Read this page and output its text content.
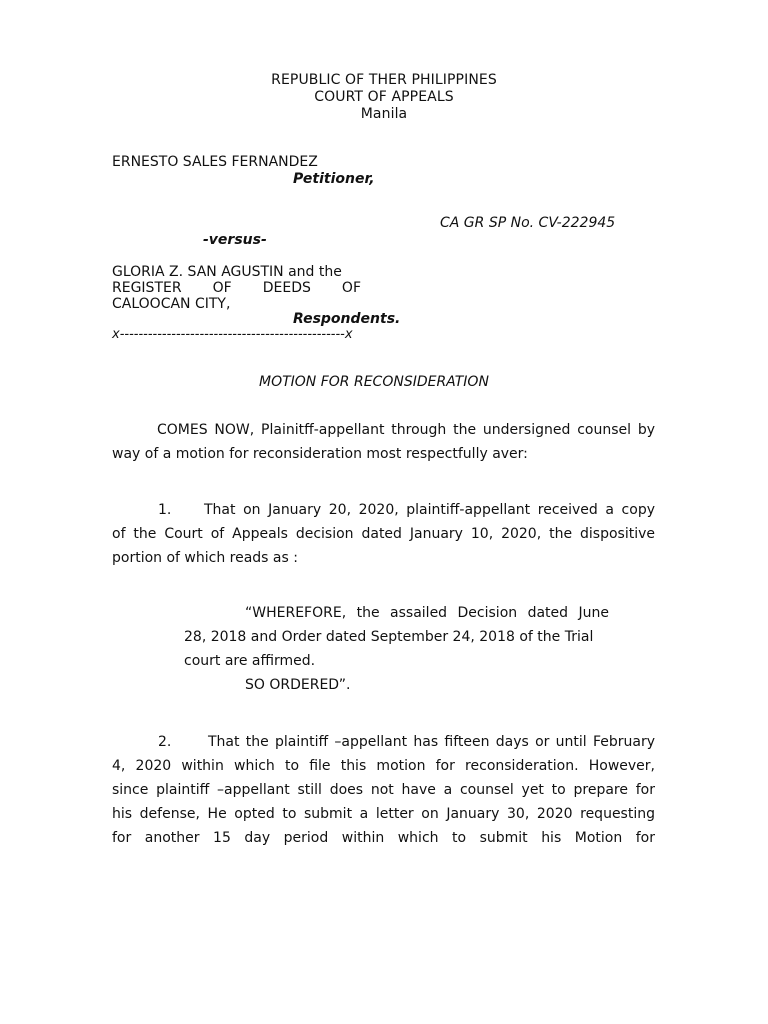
REPUBLIC OF THER PHILIPPINES
COURT OF APPEALS
Manila
ERNESTO SALES FERNANDEZ
Petitioner,
CA GR SP No. CV-222945
-versus-
GLORIA Z. SAN AGUSTIN and the
REGISTER OF DEEDS OF
CALOOCAN CITY,
Respondents.
x------------------------------------------------x
MOTION FOR RECONSIDERATION
COMES NOW, Plainitff-appellant through the undersigned counsel by
way of a motion for reconsideration most respectfully aver:
1. That on January 20, 2020, plaintiff-appellant received a copy
of the Court of Appeals decision dated January 10, 2020, the dispositive
portion of which reads as :
“WHEREFORE, the assailed Decision dated June
28, 2018 and Order dated September 24, 2018 of the Trial
court are affirmed.
SO ORDERED”.
2.	That the plaintiff –appellant has fifteen days or until February
4, 2020 within which to file this motion for reconsideration. However,
since plaintiff –appellant still does not have a counsel yet to prepare for
his defense, He opted to submit a letter on January 30, 2020 requesting
for another 15 day period within which to submit his Motion for
